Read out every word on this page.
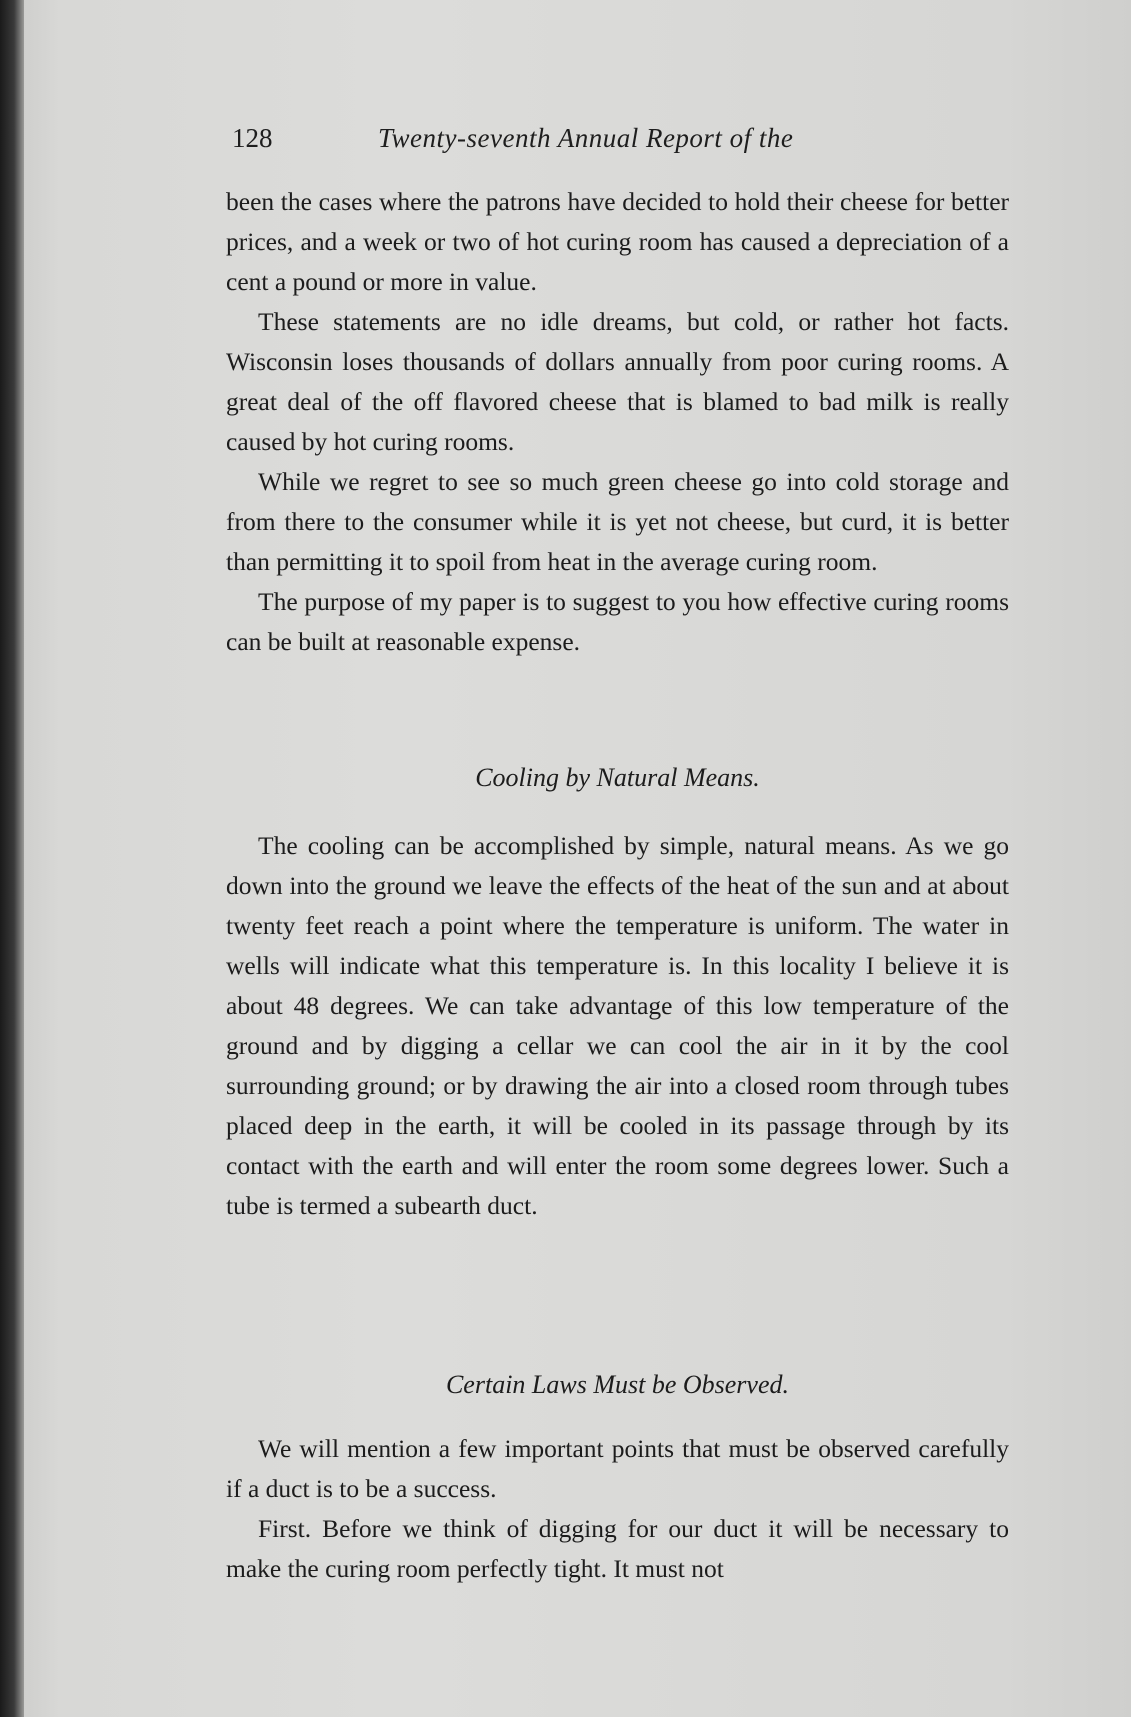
128	Twenty-seventh Annual Report of the

been the cases where the patrons have decided to hold their cheese for better prices, and a week or two of hot curing room has caused a depreciation of a cent a pound or more in value.

These statements are no idle dreams, but cold, or rather hot facts. Wisconsin loses thousands of dollars annually from poor curing rooms. A great deal of the off flavored cheese that is blamed to bad milk is really caused by hot curing rooms.

While we regret to see so much green cheese go into cold storage and from there to the consumer while it is yet not cheese, but curd, it is better than permitting it to spoil from heat in the average curing room.

The purpose of my paper is to suggest to you how effective curing rooms can be built at reasonable expense.

Cooling by Natural Means.

The cooling can be accomplished by simple, natural means. As we go down into the ground we leave the effects of the heat of the sun and at about twenty feet reach a point where the temperature is uniform. The water in wells will indicate what this temperature is. In this locality I believe it is about 48 degrees. We can take advantage of this low temperature of the ground and by digging a cellar we can cool the air in it by the cool surrounding ground; or by drawing the air into a closed room through tubes placed deep in the earth, it will be cooled in its passage through by its contact with the earth and will enter the room some degrees lower. Such a tube is termed a subearth duct.

Certain Laws Must be Observed.

We will mention a few important points that must be observed carefully if a duct is to be a success.

First. Before we think of digging for our duct it will be necessary to make the curing room perfectly tight. It must not
